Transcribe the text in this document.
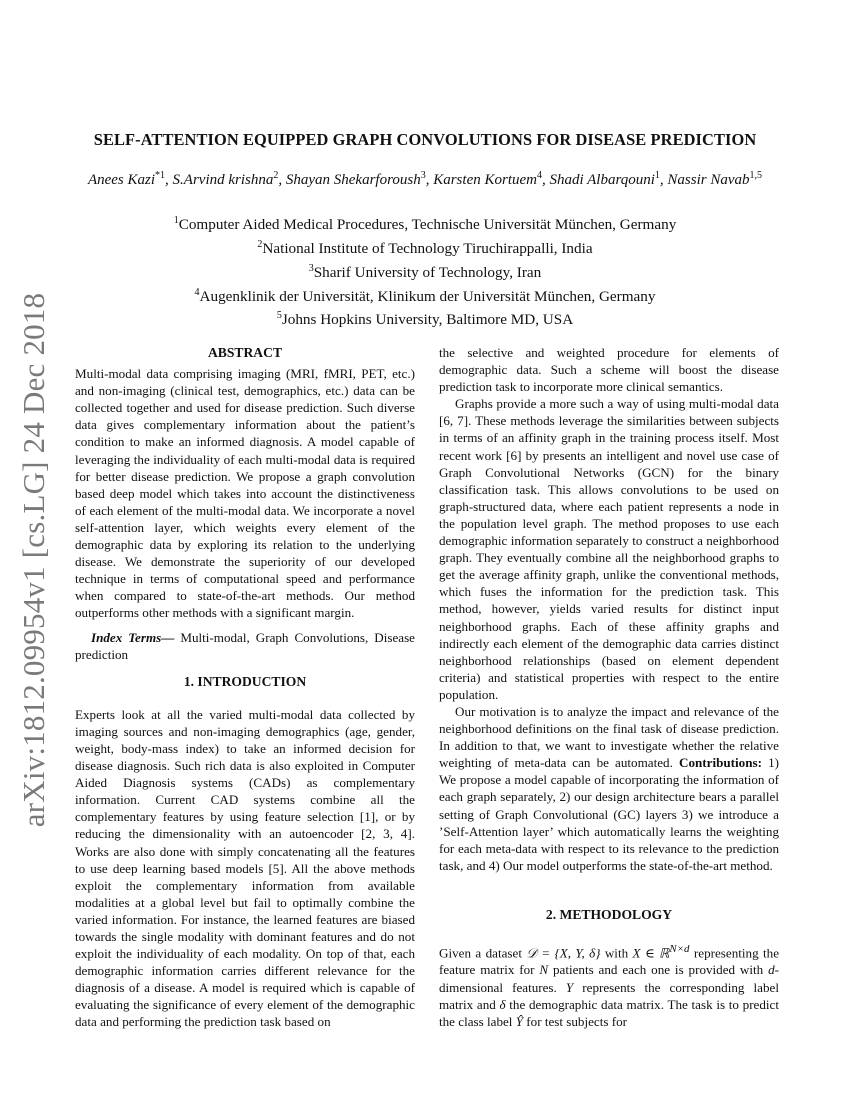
arXiv:1812.09954v1 [cs.LG] 24 Dec 2018
SELF-ATTENTION EQUIPPED GRAPH CONVOLUTIONS FOR DISEASE PREDICTION
Anees Kazi$^{*1}$, S.Arvind krishna$^2$, Shayan Shekarforoush$^3$, Karsten Kortuem$^4$, Shadi Albarqouni$^1$, Nassir Navab$^{1,5}$
$^1$Computer Aided Medical Procedures, Technische Universität München, Germany
$^2$National Institute of Technology Tiruchirappalli, India
$^3$Sharif University of Technology, Iran
$^4$Augenklinik der Universität, Klinikum der Universität München, Germany
$^5$Johns Hopkins University, Baltimore MD, USA
ABSTRACT

Multi-modal data comprising imaging (MRI, fMRI, PET, etc.) and non-imaging (clinical test, demographics, etc.) data can be collected together and used for disease prediction. Such diverse data gives complementary information about the patient’s condition to make an informed diagnosis. A model capable of leveraging the individuality of each multi-modal data is required for better disease prediction. We propose a graph convolution based deep model which takes into account the distinctiveness of each element of the multi-modal data. We incorporate a novel self-attention layer, which weights every element of the demographic data by exploring its relation to the underlying disease. We demonstrate the superiority of our developed technique in terms of computational speed and performance when compared to state-of-the-art methods. Our method outperforms other methods with a significant margin.

Index Terms— Multi-modal, Graph Convolutions, Disease prediction

1. INTRODUCTION

Experts look at all the varied multi-modal data collected by imaging sources and non-imaging demographics (age, gender, weight, body-mass index) to take an informed decision for disease diagnosis. Such rich data is also exploited in Computer Aided Diagnosis systems (CADs) as complementary information. Current CAD systems combine all the complementary features by using feature selection [1], or by reducing the dimensionality with an autoencoder [2, 3, 4]. Works are also done with simply concatenating all the features to use deep learning based models [5]. All the above methods exploit the complementary information from available modalities at a global level but fail to optimally combine the varied information. For instance, the learned features are biased towards the single modality with dominant features and do not exploit the individuality of each modality. On top of that, each demographic information carries different relevance for the diagnosis of a disease. A model is required which is capable of evaluating the significance of every element of the demographic data and performing the prediction task based on

the selective and weighted procedure for elements of demographic data. Such a scheme will boost the disease prediction task to incorporate more clinical semantics.

Graphs provide a more such a way of using multi-modal data [6, 7]. These methods leverage the similarities between subjects in terms of an affinity graph in the training process itself. Most recent work [6] by presents an intelligent and novel use case of Graph Convolutional Networks (GCN) for the binary classification task. This allows convolutions to be used on graph-structured data, where each patient represents a node in the population level graph. The method proposes to use each demographic information separately to construct a neighborhood graph. They eventually combine all the neighborhood graphs to get the average affinity graph, unlike the conventional methods, which fuses the information for the prediction task. This method, however, yields varied results for distinct input neighborhood graphs. Each of these affinity graphs and indirectly each element of the demographic data carries distinct neighborhood relationships (based on element dependent criteria) and statistical properties with respect to the entire population.

Our motivation is to analyze the impact and relevance of the neighborhood definitions on the final task of disease prediction. In addition to that, we want to investigate whether the relative weighting of meta-data can be automated. Contributions: 1) We propose a model capable of incorporating the information of each graph separately, 2) our design architecture bears a parallel setting of Graph Convolutional (GC) layers 3) we introduce a ’Self-Attention layer’ which automatically learns the weighting for each meta-data with respect to its relevance to the prediction task, and 4) Our model outperforms the state-of-the-art method.

2. METHODOLOGY

Given a dataset 𝒟 = {X, Y, δ} with X ∈ ℝ$^{N\times d}$ representing the feature matrix for N patients and each one is provided with d-dimensional features. Y represents the corresponding label matrix and δ the demographic data matrix. The task is to predict the class label Ŷ for test subjects for
